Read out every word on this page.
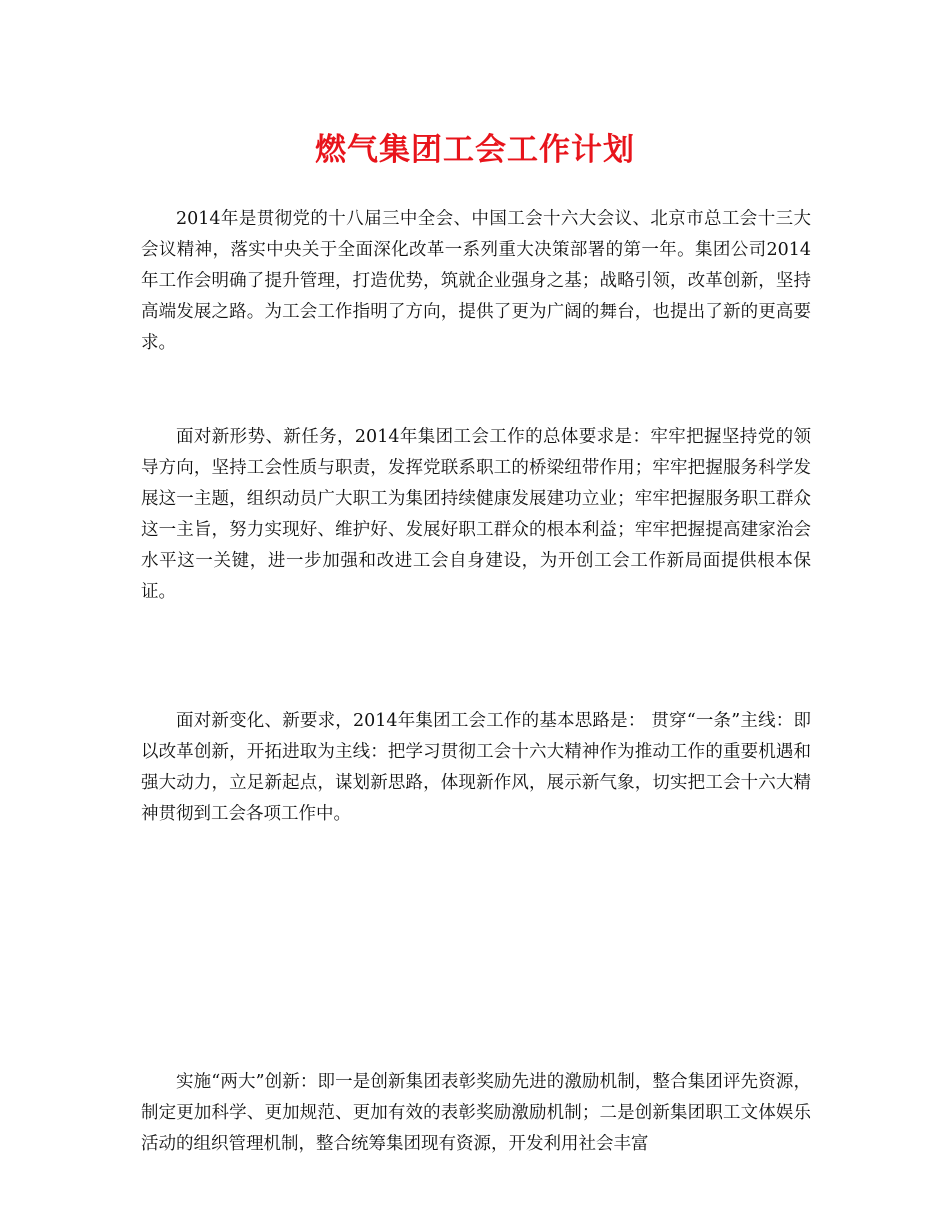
燃气集团工会工作计划

2014年是贯彻党的十八届三中全会、中国工会十六大会议、北京市总工会十三大会议精神，落实中央关于全面深化改革一系列重大决策部署的第一年。集团公司2014年工作会明确了提升管理，打造优势，筑就企业强身之基；战略引领，改革创新，坚持高端发展之路。为工会工作指明了方向，提供了更为广阔的舞台，也提出了新的更高要求。

面对新形势、新任务，2014年集团工会工作的总体要求是：牢牢把握坚持党的领导方向，坚持工会性质与职责，发挥党联系职工的桥梁纽带作用；牢牢把握服务科学发展这一主题，组织动员广大职工为集团持续健康发展建功立业；牢牢把握服务职工群众这一主旨，努力实现好、维护好、发展好职工群众的根本利益；牢牢把握提高建家治会水平这一关键，进一步加强和改进工会自身建设，为开创工会工作新局面提供根本保证。

面对新变化、新要求，2014年集团工会工作的基本思路是： 贯穿“一条”主线：即以改革创新，开拓进取为主线：把学习贯彻工会十六大精神作为推动工作的重要机遇和强大动力，立足新起点，谋划新思路，体现新作风，展示新气象，切实把工会十六大精神贯彻到工会各项工作中。

实施“两大”创新：即一是创新集团表彰奖励先进的激励机制，整合集团评先资源，制定更加科学、更加规范、更加有效的表彰奖励激励机制；二是创新集团职工文体娱乐活动的组织管理机制，整合统筹集团现有资源，开发利用社会丰富
